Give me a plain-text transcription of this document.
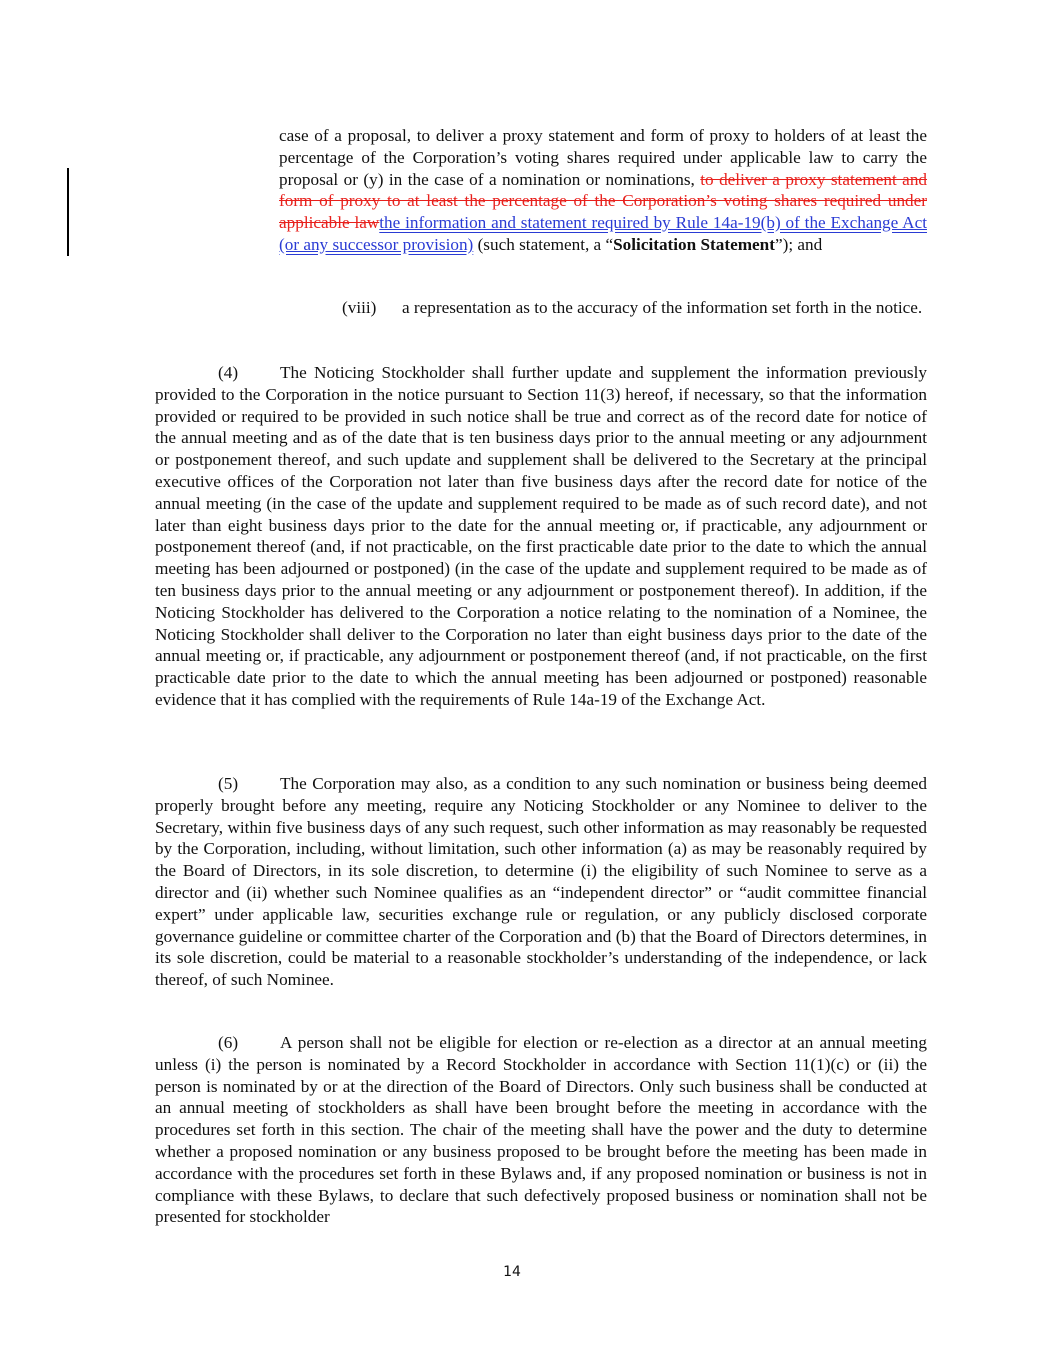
case of a proposal, to deliver a proxy statement and form of proxy to holders of at least the percentage of the Corporation’s voting shares required under applicable law to carry the proposal or (y) in the case of a nomination or nominations, to deliver a proxy statement and form of proxy to at least the percentage of the Corporation’s voting shares required under applicable lawthe information and statement required by Rule 14a-19(b) of the Exchange Act (or any successor provision) (such statement, a “Solicitation Statement”); and
(viii) a representation as to the accuracy of the information set forth in the notice.
(4) The Noticing Stockholder shall further update and supplement the information previously provided to the Corporation in the notice pursuant to Section 11(3) hereof, if necessary, so that the information provided or required to be provided in such notice shall be true and correct as of the record date for notice of the annual meeting and as of the date that is ten business days prior to the annual meeting or any adjournment or postponement thereof, and such update and supplement shall be delivered to the Secretary at the principal executive offices of the Corporation not later than five business days after the record date for notice of the annual meeting (in the case of the update and supplement required to be made as of such record date), and not later than eight business days prior to the date for the annual meeting or, if practicable, any adjournment or postponement thereof (and, if not practicable, on the first practicable date prior to the date to which the annual meeting has been adjourned or postponed) (in the case of the update and supplement required to be made as of ten business days prior to the annual meeting or any adjournment or postponement thereof). In addition, if the Noticing Stockholder has delivered to the Corporation a notice relating to the nomination of a Nominee, the Noticing Stockholder shall deliver to the Corporation no later than eight business days prior to the date of the annual meeting or, if practicable, any adjournment or postponement thereof (and, if not practicable, on the first practicable date prior to the date to which the annual meeting has been adjourned or postponed) reasonable evidence that it has complied with the requirements of Rule 14a-19 of the Exchange Act.
(5) The Corporation may also, as a condition to any such nomination or business being deemed properly brought before any meeting, require any Noticing Stockholder or any Nominee to deliver to the Secretary, within five business days of any such request, such other information as may reasonably be requested by the Corporation, including, without limitation, such other information (a) as may be reasonably required by the Board of Directors, in its sole discretion, to determine (i) the eligibility of such Nominee to serve as a director and (ii) whether such Nominee qualifies as an “independent director” or “audit committee financial expert” under applicable law, securities exchange rule or regulation, or any publicly disclosed corporate governance guideline or committee charter of the Corporation and (b) that the Board of Directors determines, in its sole discretion, could be material to a reasonable stockholder’s understanding of the independence, or lack thereof, of such Nominee.
(6) A person shall not be eligible for election or re-election as a director at an annual meeting unless (i) the person is nominated by a Record Stockholder in accordance with Section 11(1)(c) or (ii) the person is nominated by or at the direction of the Board of Directors. Only such business shall be conducted at an annual meeting of stockholders as shall have been brought before the meeting in accordance with the procedures set forth in this section. The chair of the meeting shall have the power and the duty to determine whether a proposed nomination or any business proposed to be brought before the meeting has been made in accordance with the procedures set forth in these Bylaws and, if any proposed nomination or business is not in compliance with these Bylaws, to declare that such defectively proposed business or nomination shall not be presented for stockholder
14
